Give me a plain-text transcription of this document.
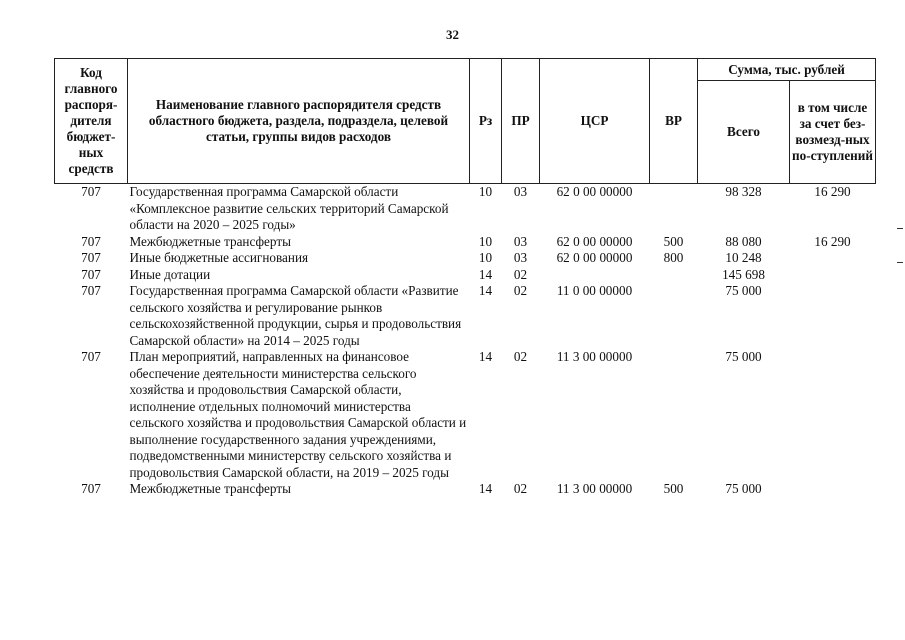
32
Код главного распоря-дителя бюджет-ных средств	Наименование главного распорядителя средств областного бюджета, раздела, подраздела, целевой статьи, группы видов расходов	Рз	ПР	ЦСР	ВР	Сумма, тыс. рублей	
						Всего	в том числе за счет без-возмезд-ных по-ступлений
707	Государственная программа Самарской области «Комплексное развитие сельских территорий Самарской области на 2020 – 2025 годы»	10	03	62 0 00 00000		98 328	16 290
707	Межбюджетные трансферты	10	03	62 0 00 00000	500	88 080	16 290
707	Иные бюджетные ассигнования	10	03	62 0 00 00000	800	10 248	
707	Иные дотации	14	02			145 698	
707	Государственная программа Самарской области «Развитие сельского хозяйства и регулирование рынков сельскохозяйственной продукции, сырья и продовольствия Самарской области» на 2014 – 2025 годы	14	02	11 0 00 00000		75 000	
707	План мероприятий, направленных на финансовое обеспечение деятельности министерства сельского хозяйства и продовольствия Самарской области, исполнение отдельных полномочий министерства сельского хозяйства и продовольствия Самарской области и выполнение государственного задания учреждениями, подведомственными министерству сельского хозяйства и продовольствия Самарской области, на 2019 – 2025 годы	14	02	11 3 00 00000		75 000	
707	Межбюджетные трансферты	14	02	11 3 00 00000	500	75 000	
